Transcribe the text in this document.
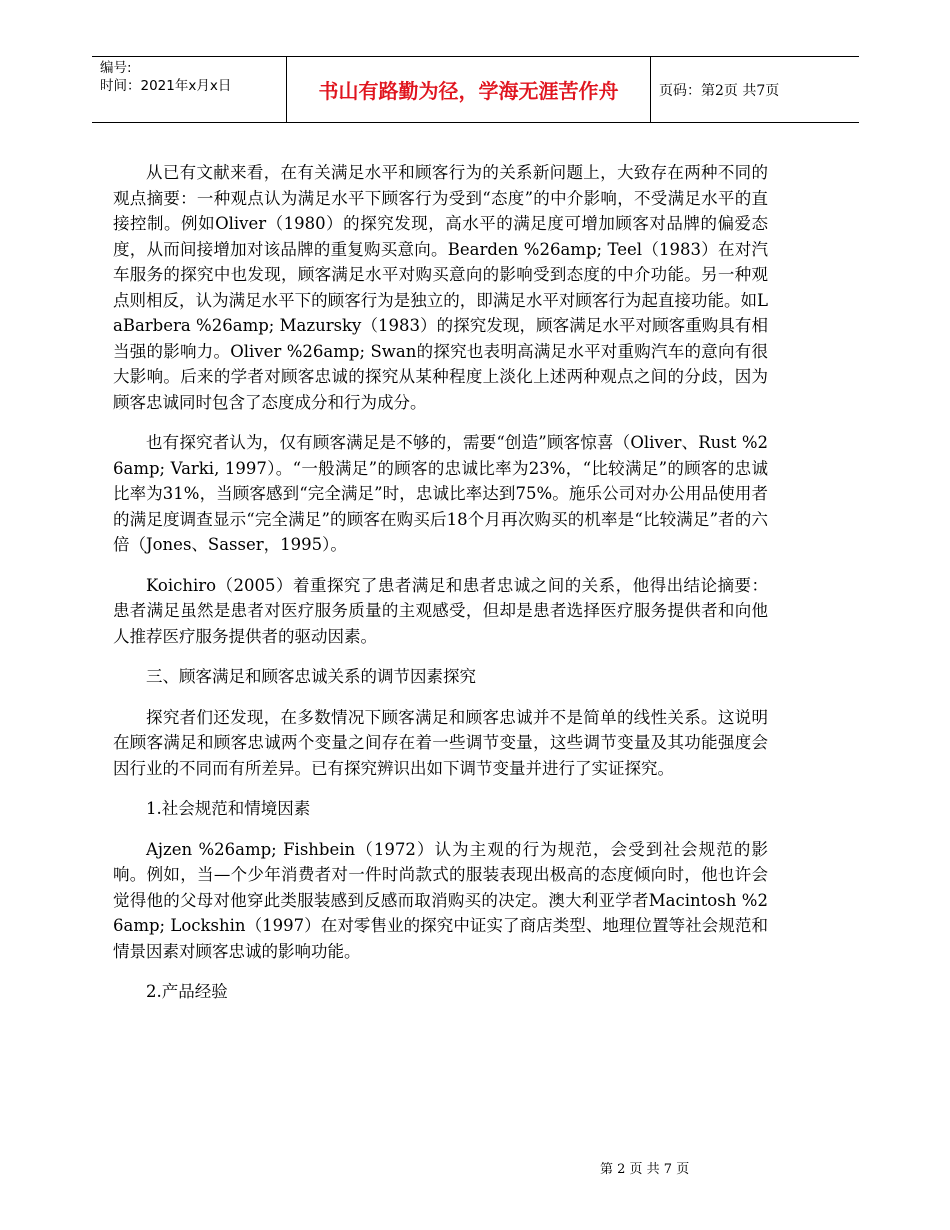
编号:
时间：2021年x月x日	书山有路勤为径，学海无涯苦作舟	页码：第2页 共7页

从已有文献来看，在有关满足水平和顾客行为的关系新问题上，大致存在两种不同的观点摘要：一种观点认为满足水平下顾客行为受到“态度”的中介影响，不受满足水平的直接控制。例如Oliver（1980）的探究发现，高水平的满足度可增加顾客对品牌的偏爱态度，从而间接增加对该品牌的重复购买意向。Bearden %26amp; Teel（1983）在对汽车服务的探究中也发现，顾客满足水平对购买意向的影响受到态度的中介功能。另一种观点则相反，认为满足水平下的顾客行为是独立的，即满足水平对顾客行为起直接功能。如LaBarbera %26amp; Mazursky（1983）的探究发现，顾客满足水平对顾客重购具有相当强的影响力。Oliver %26amp; Swan的探究也表明高满足水平对重购汽车的意向有很大影响。后来的学者对顾客忠诚的探究从某种程度上淡化上述两种观点之间的分歧，因为顾客忠诚同时包含了态度成分和行为成分。

也有探究者认为，仅有顾客满足是不够的，需要“创造”顾客惊喜（Oliver、Rust %26amp; Varki, 1997）。“一般满足”的顾客的忠诚比率为23%，“比较满足”的顾客的忠诚比率为31%，当顾客感到“完全满足”时，忠诚比率达到75%。施乐公司对办公用品使用者的满足度调查显示“完全满足”的顾客在购买后18个月再次购买的机率是“比较满足”者的六倍（Jones、Sasser，1995）。

Koichiro（2005）着重探究了患者满足和患者忠诚之间的关系，他得出结论摘要：患者满足虽然是患者对医疗服务质量的主观感受，但却是患者选择医疗服务提供者和向他人推荐医疗服务提供者的驱动因素。

三、顾客满足和顾客忠诚关系的调节因素探究

探究者们还发现，在多数情况下顾客满足和顾客忠诚并不是简单的线性关系。这说明在顾客满足和顾客忠诚两个变量之间存在着一些调节变量，这些调节变量及其功能强度会因行业的不同而有所差异。已有探究辨识出如下调节变量并进行了实证探究。

1.社会规范和情境因素

Ajzen %26amp; Fishbein（1972）认为主观的行为规范，会受到社会规范的影响。例如，当—个少年消费者对一件时尚款式的服装表现出极高的态度倾向时，他也许会觉得他的父母对他穿此类服装感到反感而取消购买的决定。澳大利亚学者Macintosh %26amp; Lockshin（1997）在对零售业的探究中证实了商店类型、地理位置等社会规范和情景因素对顾客忠诚的影响功能。

2.产品经验

第 2 页 共 7 页
